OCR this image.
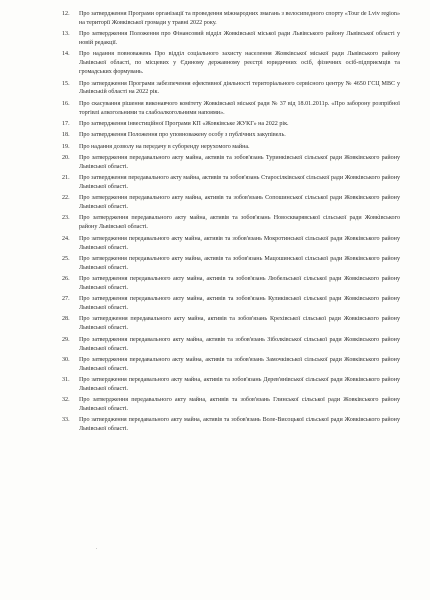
12.	Про затвердження Програми організації та проведення міжнародних змагань з велосипедного спорту «Tour de Lviv region» на території Жовківської громади у травні 2022 року.
13.	Про затвердження Положення про Фінансовий відділ Жовківської міської ради Львівського району Львівської області у новій редакції.
14.	Про надання повноважень Про відділ соціального захисту населення Жовківської міської ради Львівського району Львівської області, по місцевих у Єдиному державному реєстрі юридичних осіб, фізичних осіб-підприємців та громадських формувань.
15.	Про затвердження Програми забезпечення ефективної діяльності територіального сервісного центру № 4650 ГСЦ МВС у Львівській області на 2022 рік.
16.	Про скасування рішення виконавчого комітету Жовківської міської ради № 37 від 18.01.2011р. «Про заборону розпрібної торгівлі алкогольними та слабоалкогольними напоями».
17.	Про затвердження інвестиційної Програми КП «Жовківське ЖУКГ» на 2022 рік.
18.	Про затвердження Положення про уповноважену особу з публічних закупівель.
19.	Про надання дозволу на передачу в суборенду нерухомого майна.
20.	Про затвердження передавального акту майна, активів та зобов'язань Туринківської сільської ради Жовківського району Львівської області.
21.	Про затвердження передавального акту майна, активів та зобов'язань Старосілківської сільської ради Жовківського району Львівської області.
22.	Про затвердження передавального акту майна, активів та зобов'язань Сопошинської сільської ради Жовківського району Львівської області.
23.	Про затвердження передавального акту майна, активів та зобов'язань Новоскварявської сільської ради Жовківського району Львівської області.
24.	Про затвердження передавального акту майна, активів та зобов'язань Мокротинської сільської ради Жовківського району Львівської області.
25.	Про затвердження передавального акту майна, активів та зобов'язань Мацошинської сільської ради Жовківського району Львівської області.
26.	Про затвердження передавального акту майна, активів та зобов'язань Любельської сільської ради Жовківського району Львівської області.
27.	Про затвердження передавального акту майна, активів та зобов'язань Куликівської сільської ради Жовківського району Львівської області.
28.	Про затвердження передавального акту майна, активів та зобов'язань Крехівської сільської ради Жовківського району Львівської області.
29.	Про затвердження передавального акту майна, активів та зобов'язань Зіболківської сільської ради Жовківського району Львівської області.
30.	Про затвердження передавального акту майна, активів та зобов'язань Замочківської сільської ради Жовківського району Львівської області.
31.	Про затвердження передавального акту майна, активів та зобов'язань Дерев'янівської сільської ради Жовківського району Львівської області.
32.	Про затвердження передавального акту майна, активів та зобов'язань Глинської сільської ради Жовківського району Львівської області.
33.	Про затвердження передавального акту майна, активів та зобов'язань Воле-Висоцької сільської ради Жовківського району Львівської області.
